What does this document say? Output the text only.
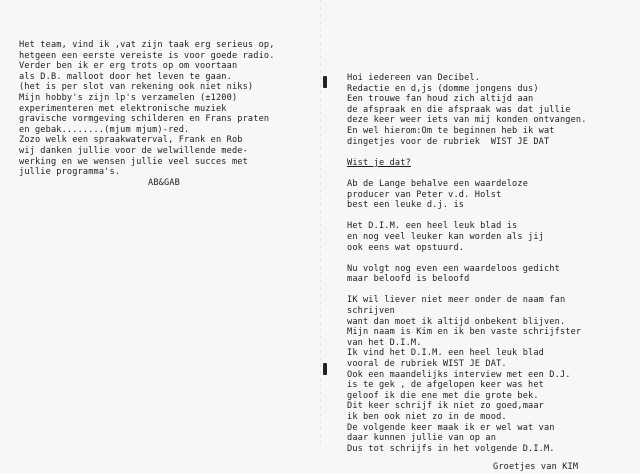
Het team, vind ik ,vat zijn taak erg serieus op,
hetgeen een eerste vereiste is voor goede radio.
Verder ben ik er erg trots op om voortaan
als D.B. malloot door het leven te gaan.
(het is per slot van rekening ook niet niks)
Mijn hobby's zijn lp's verzamelen (±1200)
experimenteren met elektronische muziek
gravische vormgeving schilderen en Frans praten
en gebak........(mjum mjum)-red.
Zozo welk een spraakwaterval, Frank en Rob
wij danken jullie voor de welwillende mede-
werking en we wensen jullie veel succes met
jullie programma's.
AB&GAB
Hoi iedereen van Decibel.
Redactie en d,js (domme jongens dus)
Een trouwe fan houd zich altijd aan
de afspraak en die afspraak was dat jullie
deze keer weer iets van mij konden ontvangen.
En wel hierom:Om te beginnen heb ik wat
dingetjes voor de rubriek  WIST JE DAT
Wist je dat?
Ab de Lange behalve een waardeloze
producer van Peter v.d. Holst
best een leuke d.j. is
Het D.I.M. een heel leuk blad is
en nog veel leuker kan worden als jij
ook eens wat opstuurd.
Nu volgt nog even een waardeloos gedicht
maar beloofd is beloofd
IK wil liever niet meer onder de naam fan
schrijven
want dan moet ik altijd onbekent blijven.
Mijn naam is Kim en ik ben vaste schrijfster
van het D.I.M.
Ik vind het D.I.M. een heel leuk blad
vooral de rubriek WIST JE DAT.
Ook een maandelijks interview met een D.J.
is te gek , de afgelopen keer was het
geloof ik die ene met die grote bek.
Dit keer schrijf ik niet zo goed,maar
ik ben ook niet zo in de mood.
De volgende keer maak ik er wel wat van
daar kunnen jullie van op an
Dus tot schrijfs in het volgende D.I.M.
Groetjes van KIM
